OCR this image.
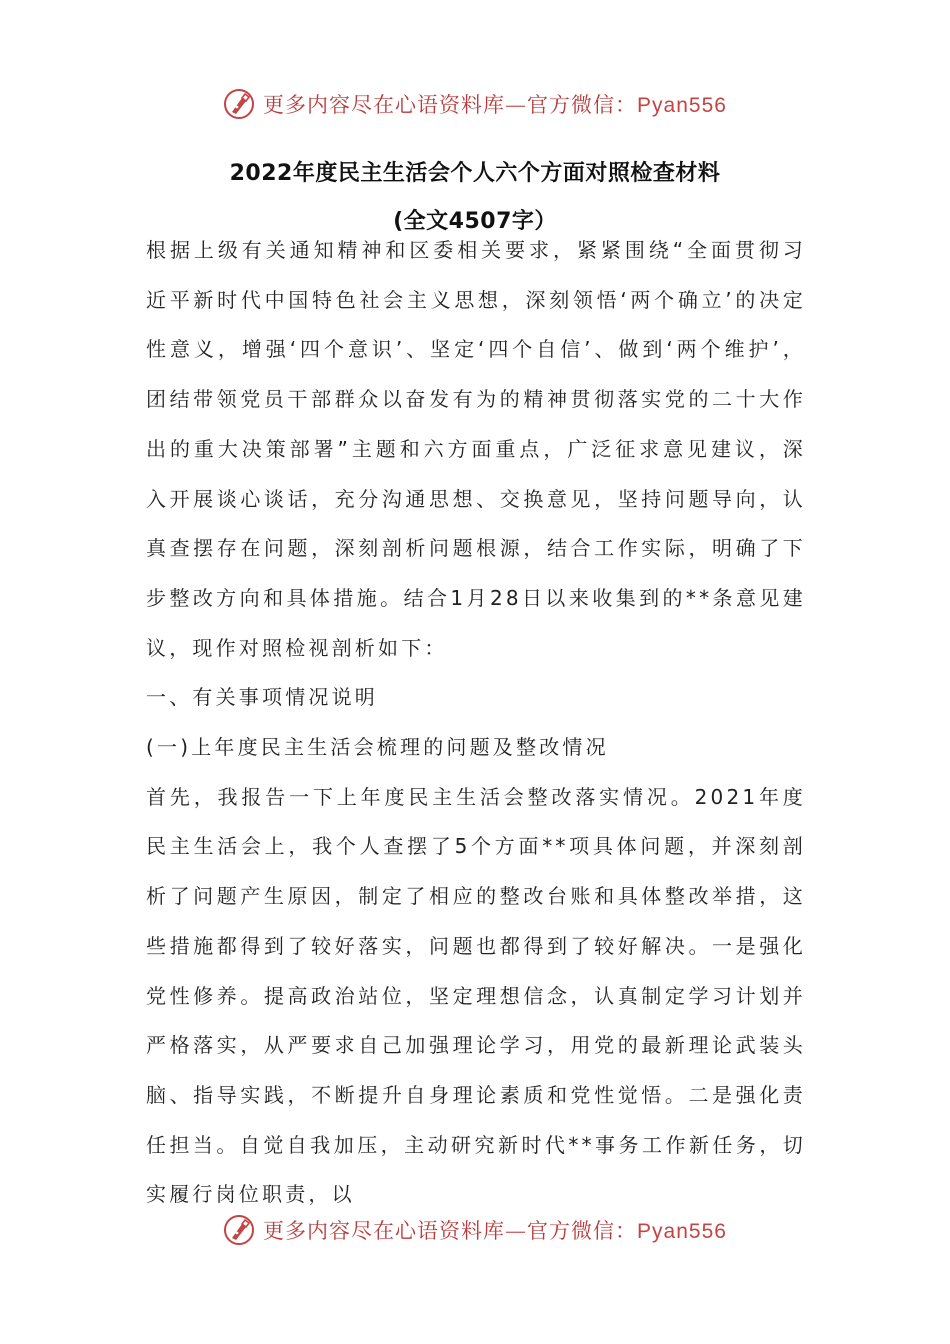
更多内容尽在心语资料库—官方微信：Pyan556
2022年度民主生活会个人六个方面对照检查材料
(全文4507字）

根据上级有关通知精神和区委相关要求，紧紧围绕“全面贯彻习近平新时代中国特色社会主义思想，深刻领悟‘两个确立’的决定性意义，增强‘四个意识’、坚定‘四个自信’、做到‘两个维护’，团结带领党员干部群众以奋发有为的精神贯彻落实党的二十大作出的重大决策部署”主题和六方面重点，广泛征求意见建议，深入开展谈心谈话，充分沟通思想、交换意见，坚持问题导向，认真查摆存在问题，深刻剖析问题根源，结合工作实际，明确了下步整改方向和具体措施。结合1月28日以来收集到的**条意见建议，现作对照检视剖析如下：

一、有关事项情况说明

(一)上年度民主生活会梳理的问题及整改情况

首先，我报告一下上年度民主生活会整改落实情况。2021年度民主生活会上，我个人查摆了5个方面**项具体问题，并深刻剖析了问题产生原因，制定了相应的整改台账和具体整改举措，这些措施都得到了较好落实，问题也都得到了较好解决。一是强化党性修养。提高政治站位，坚定理想信念，认真制定学习计划并严格落实，从严要求自己加强理论学习，用党的最新理论武装头脑、指导实践，不断提升自身理论素质和党性觉悟。二是强化责任担当。自觉自我加压，主动研究新时代**事务工作新任务，切实履行岗位职责，以

更多内容尽在心语资料库—官方微信：Pyan556
